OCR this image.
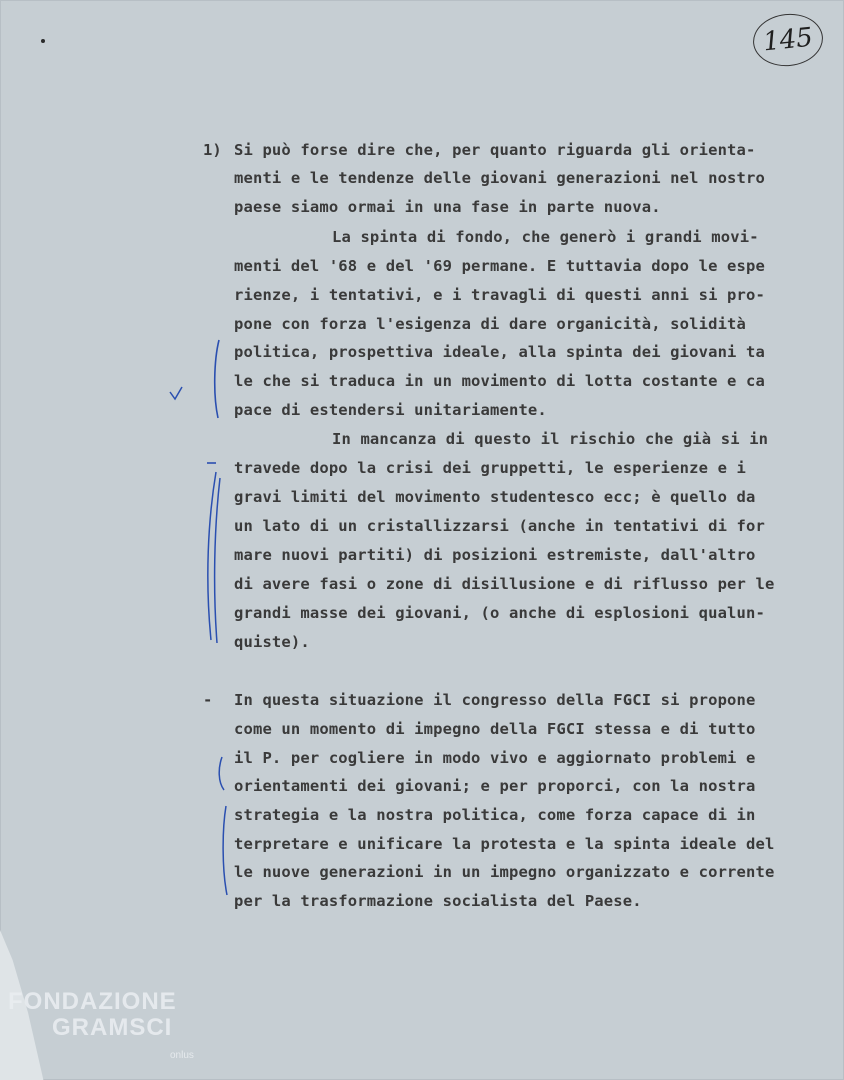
145
1) Si può forse dire che, per quanto riguarda gli orienta-
menti e le tendenze delle giovani generazioni nel nostro
paese siamo ormai in una fase in parte nuova.
La spinta di fondo, che generò i grandi movi-
menti del '68 e del '69 permane. E tuttavia dopo le espe
rienze, i tentativi, e i travagli di questi anni si pro-
pone con forza l'esigenza di dare organicità, solidità
politica, prospettiva ideale, alla spinta dei giovani ta
le che si traduca in un movimento di lotta costante e ca
pace di estendersi unitariamente.
In mancanza di questo il rischio che già si in
travede dopo la crisi dei gruppetti, le esperienze e i
gravi limiti del movimento studentesco ecc; è quello da
un lato di un cristallizzarsi (anche in tentativi di for
mare nuovi partiti) di posizioni estremiste, dall'altro
di avere fasi o zone di disillusione e di riflusso per le
grandi masse dei giovani, (o anche di esplosioni qualun-
quiste).
- In questa situazione il congresso della FGCI si propone
come un momento di impegno della FGCI stessa e di tutto
il P. per cogliere in modo vivo e aggiornato problemi e
orientamenti dei giovani; e per proporci, con la nostra
strategia e la nostra politica, come forza capace di in
terpretare e unificare la protesta e la spinta ideale del
le nuove generazioni in un impegno organizzato e corrente
per la trasformazione socialista del Paese.
FONDAZIONE
GRAMSCI
onlus
